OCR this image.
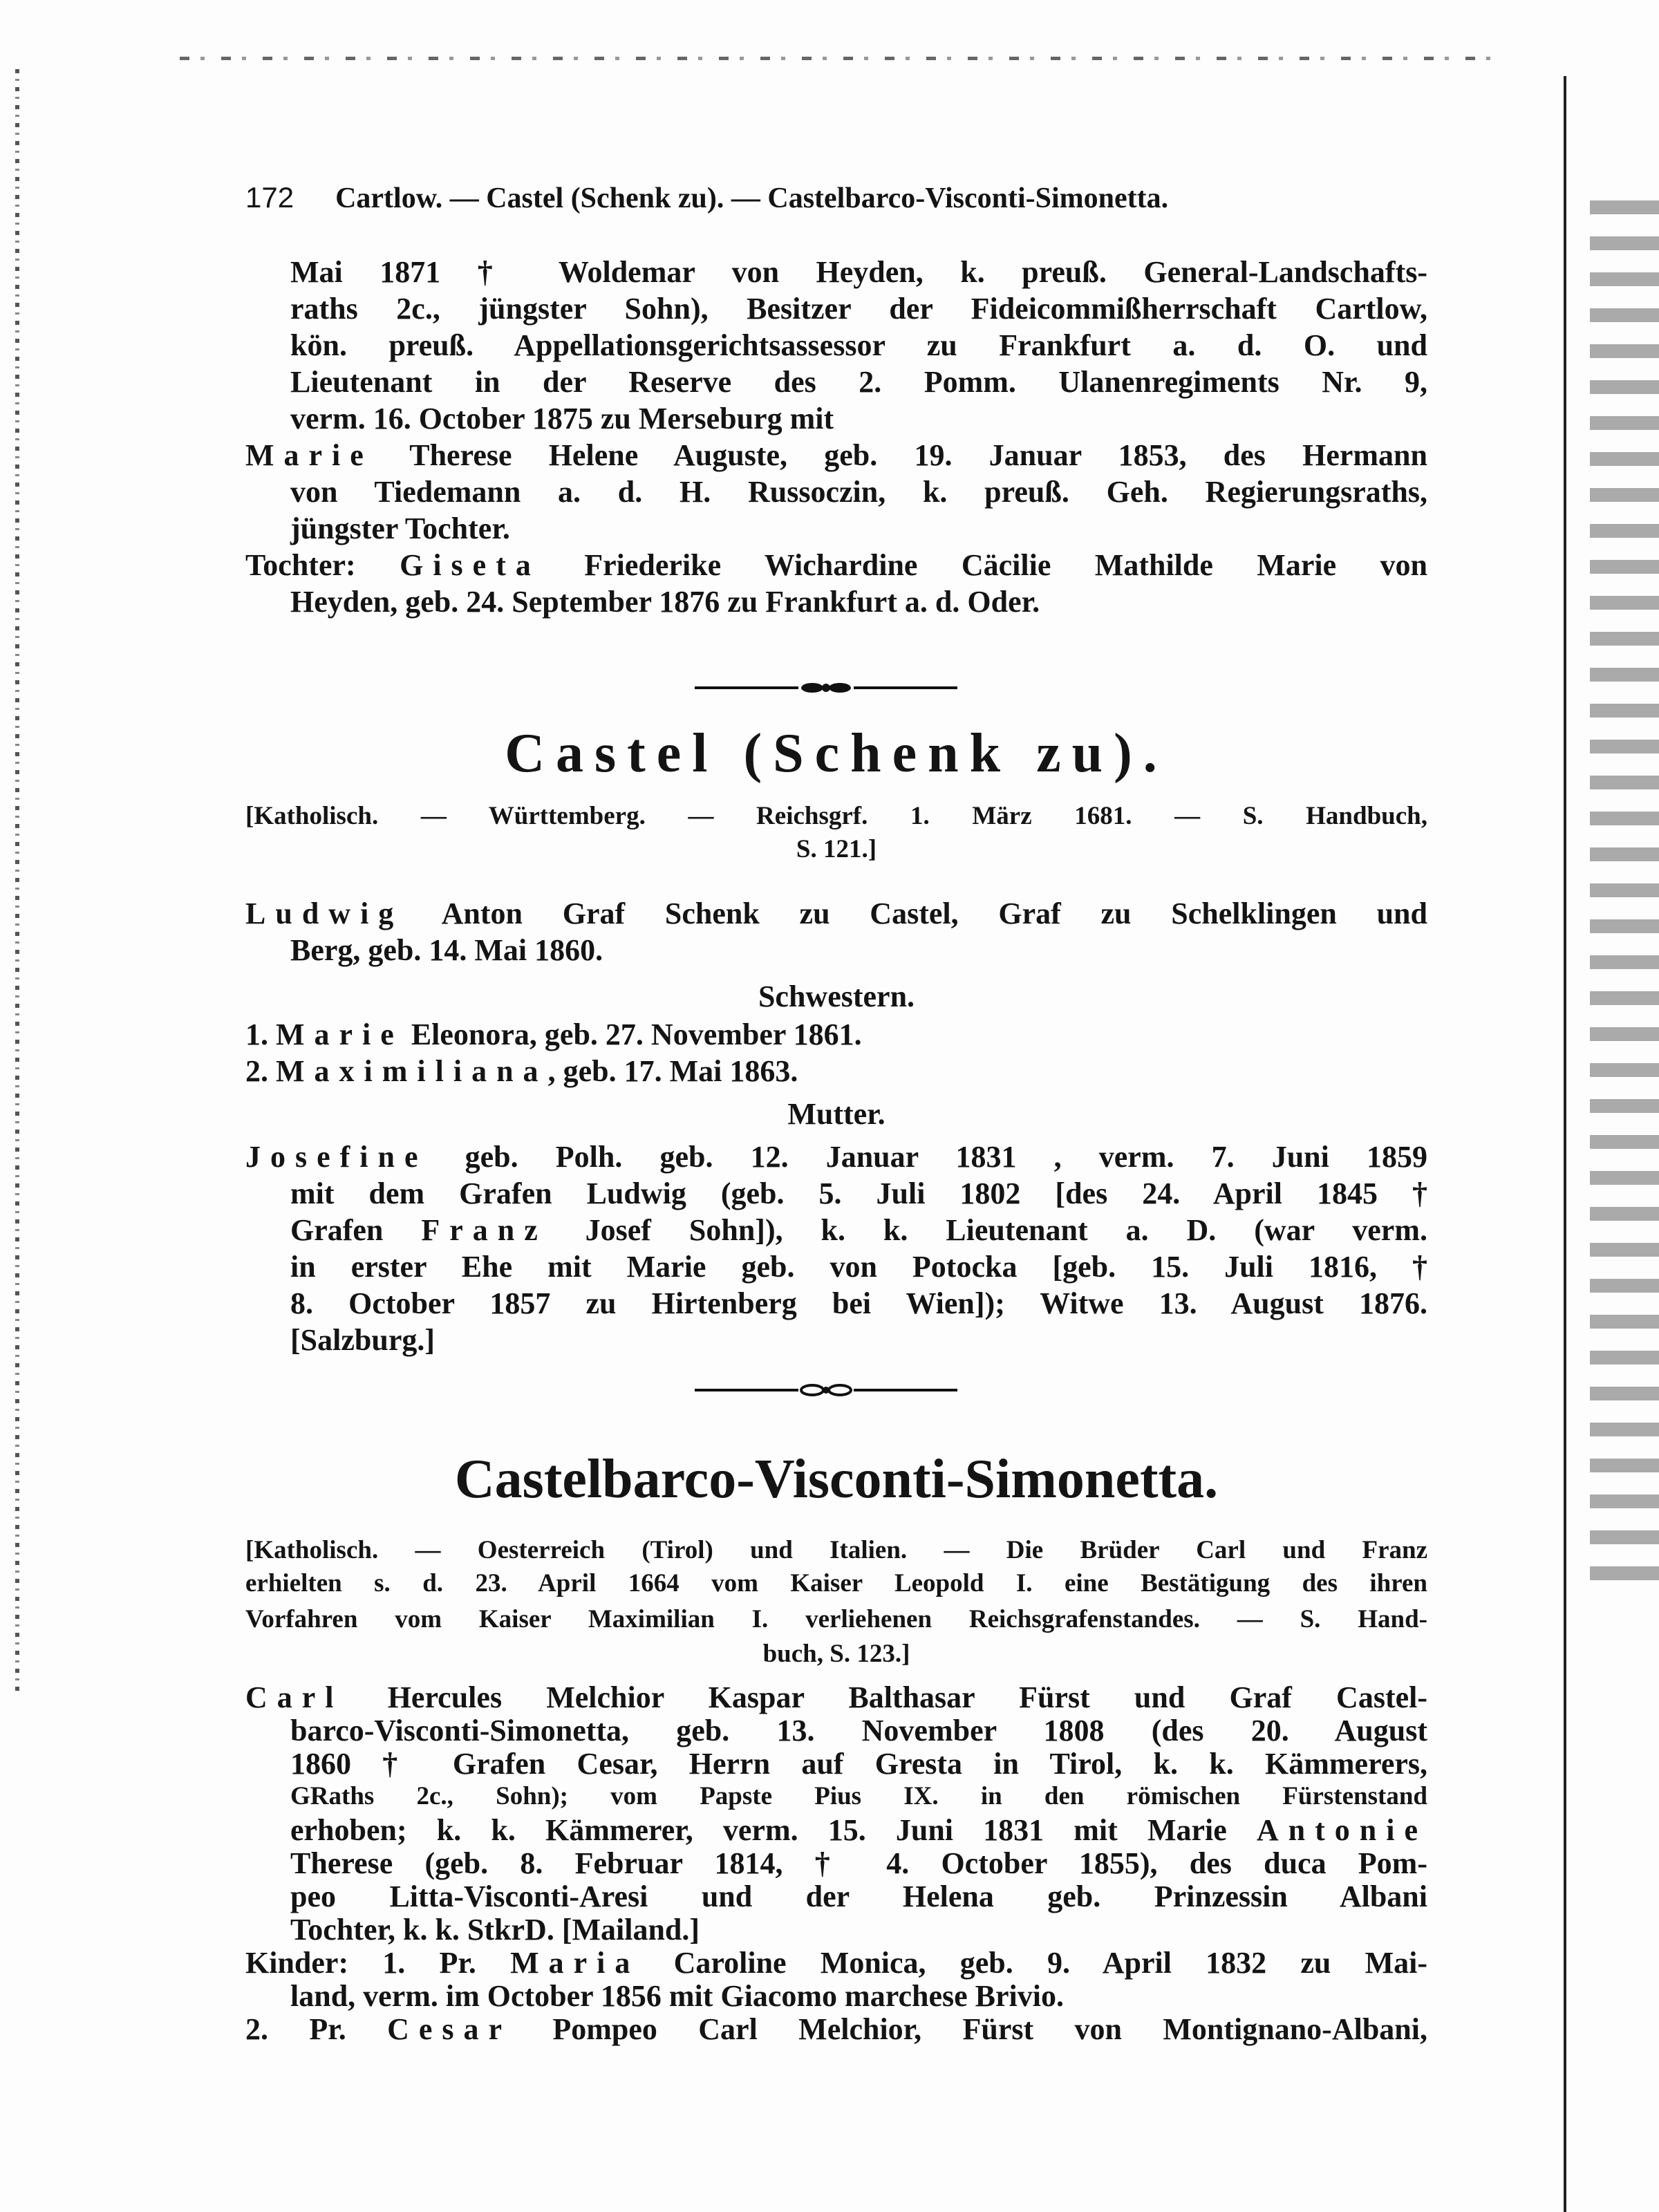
172 Cartlow. — Castel (Schenk zu). — Castelbarco-Visconti-Simonetta.
Mai 1871 † Woldemar von Heyden, k. preuß. General-Landschafts-
raths 2c., jüngster Sohn), Besitzer der Fideicommißherrschaft Cartlow,
kön. preuß. Appellationsgerichtsassessor zu Frankfurt a. d. O. und
Lieutenant in der Reserve des 2. Pomm. Ulanenregiments Nr. 9,
verm. 16. October 1875 zu Merseburg mit
Marie Therese Helene Auguste, geb. 19. Januar 1853, des Hermann
von Tiedemann a. d. H. Russoczin, k. preuß. Geh. Regierungsraths,
jüngster Tochter.
Tochter: Giseta Friederike Wichardine Cäcilie Mathilde Marie von
Heyden, geb. 24. September 1876 zu Frankfurt a. d. Oder.
Castel (Schenk zu).
[Katholisch. — Württemberg. — Reichsgrf. 1. März 1681. — S. Handbuch,
S. 121.]
Ludwig Anton Graf Schenk zu Castel, Graf zu Schelklingen und
Berg, geb. 14. Mai 1860.
Schwestern.
1. Marie Eleonora, geb. 27. November 1861.
2. Maximiliana, geb. 17. Mai 1863.
Mutter.
Josefine geb. Polh. geb. 12. Januar 1831 , verm. 7. Juni 1859
mit dem Grafen Ludwig (geb. 5. Juli 1802 [des 24. April 1845 †
Grafen Franz Josef Sohn]), k. k. Lieutenant a. D. (war verm.
in erster Ehe mit Marie geb. von Potocka [geb. 15. Juli 1816, †
8. October 1857 zu Hirtenberg bei Wien]); Witwe 13. August 1876.
[Salzburg.]
Castelbarco-Visconti-Simonetta.
[Katholisch. — Oesterreich (Tirol) und Italien. — Die Brüder Carl und Franz
erhielten s. d. 23. April 1664 vom Kaiser Leopold I. eine Bestätigung des ihren
Vorfahren vom Kaiser Maximilian I. verliehenen Reichsgrafenstandes. — S. Hand-
buch, S. 123.]
Carl Hercules Melchior Kaspar Balthasar Fürst und Graf Castel-
barco-Visconti-Simonetta, geb. 13. November 1808 (des 20. August
1860 † Grafen Cesar, Herrn auf Gresta in Tirol, k. k. Kämmerers,
GRaths 2c., Sohn); vom Papste Pius IX. in den römischen Fürstenstand
erhoben; k. k. Kämmerer, verm. 15. Juni 1831 mit Marie Antonie
Therese (geb. 8. Februar 1814, † 4. October 1855), des duca Pom-
peo Litta-Visconti-Aresi und der Helena geb. Prinzessin Albani
Tochter, k. k. StkrD. [Mailand.]
Kinder: 1. Pr. Maria Caroline Monica, geb. 9. April 1832 zu Mai-
land, verm. im October 1856 mit Giacomo marchese Brivio.
2. Pr. Cesar Pompeo Carl Melchior, Fürst von Montignano-Albani,
